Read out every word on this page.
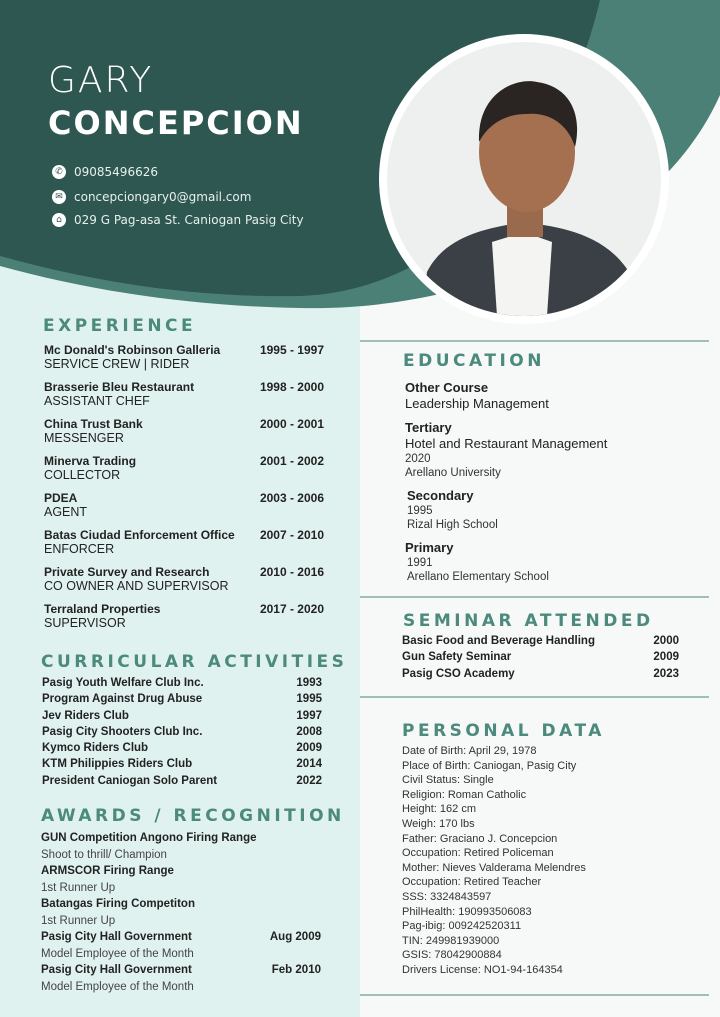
GARY
CONCEPCION
✆ 09085496626
✉ concepciongary0@gmail.com
⌂	029 G Pag-asa St. Caniogan Pasig City
EXPERIENCE
Mc Donald's Robinson Galleria	1995 - 1997
SERVICE CREW | RIDER
Brasserie Bleu Restaurant	1998 - 2000
ASSISTANT CHEF
China Trust Bank	2000 - 2001
MESSENGER
Minerva Trading	2001 - 2002
COLLECTOR
PDEA	2003 - 2006
AGENT
Batas Ciudad Enforcement Office 2007 - 2010
ENFORCER
Private Survey and Research	2010 - 2016
CO OWNER AND SUPERVISOR
Terraland Properties	2017 - 2020
SUPERVISOR
CURRICULAR ACTIVITIES
Pasig Youth Welfare Club Inc.	1993
Program Against Drug Abuse	1995
Jev Riders Club	1997
Pasig City Shooters Club Inc.	2008
Kymco Riders Club	2009
KTM Philippies Riders Club	2014
President Caniogan Solo Parent	2022
AWARDS / RECOGNITION
GUN Competition Angono Firing Range
Shoot to thrill/ Champion
ARMSCOR Firing Range
1st Runner Up
Batangas Firing Competiton
1st Runner Up
Pasig City Hall Government	Aug 2009
Model Employee of the Month
Pasig City Hall Government	Feb 2010
Model Employee of the Month
EDUCATION
Other Course
Leadership Management
Tertiary
Hotel and Restaurant Management
2020
Arellano University
Secondary
1995
Rizal High School
Primary
1991
Arellano Elementary School
SEMINAR ATTENDED
Basic Food and Beverage Handling	2000
Gun Safety Seminar	2009
Pasig CSO Academy	2023
PERSONAL DATA
Date of Birth: April 29, 1978
Place of Birth: Caniogan, Pasig City
Civil Status: Single
Religion: Roman Catholic
Height: 162 cm
Weigh: 170 lbs
Father: Graciano J. Concepcion
Occupation: Retired Policeman
Mother: Nieves Valderama Melendres
Occupation: Retired Teacher
SSS: 3324843597
PhilHealth: 190993506083
Pag-ibig: 009242520311
TIN: 249981939000
GSIS: 78042900884
Drivers License: NO1-94-164354
